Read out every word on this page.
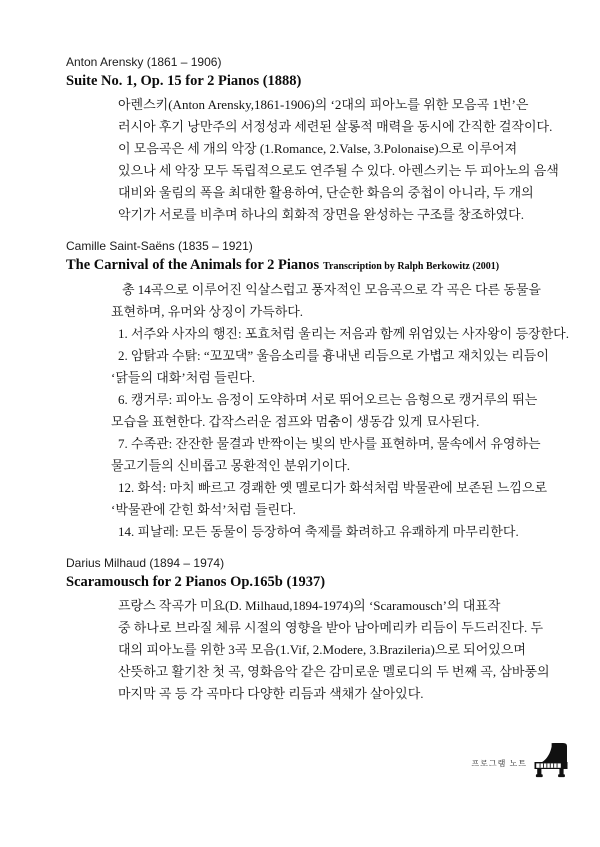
Anton Arensky (1861 – 1906)
Suite No. 1, Op. 15 for 2 Pianos (1888)
아렌스키(Anton Arensky,1861-1906)의 ‘2대의 피아노를 위한 모음곡 1번’은
러시아 후기 낭만주의 서정성과 세련된 살롱적 매력을 동시에 간직한 걸작이다.
이 모음곡은 세 개의 악장 (1.Romance, 2.Valse, 3.Polonaise)으로 이루어져
있으나 세 악장 모두 독립적으로도 연주될 수 있다. 아렌스키는 두 피아노의 음색
대비와 울림의 폭을 최대한 활용하여, 단순한 화음의 중첩이 아니라, 두 개의
악기가 서로를 비추며 하나의 회화적 장면을 완성하는 구조를 창조하였다.
Camille Saint-Saëns (1835 – 1921)
The Carnival of the Animals for 2 Pianos Transcription by Ralph Berkowitz (2001)
총 14곡으로 이루어진 익살스럽고 풍자적인 모음곡으로 각 곡은 다른 동물을
표현하며, 유머와 상징이 가득하다.
1. 서주와 사자의 행진: 포효처럼 울리는 저음과 함께 위엄있는 사자왕이 등장한다.
2. 암탉과 수탉: “꼬꼬댁” 울음소리를 흉내낸 리듬으로 가볍고 재치있는 리듬이
‘닭들의 대화’처럼 들린다.
6. 캥거루: 피아노 음정이 도약하며 서로 뛰어오르는 음형으로 캥거루의 뛰는
모습을 표현한다. 갑작스러운 점프와 멈춤이 생동감 있게 묘사된다.
7. 수족관: 잔잔한 물결과 반짝이는 빛의 반사를 표현하며, 물속에서 유영하는
물고기들의 신비롭고 몽환적인 분위기이다.
12. 화석: 마치 빠르고 경쾌한 옛 멜로디가 화석처럼 박물관에 보존된 느낌으로
‘박물관에 갇힌 화석’처럼 들린다.
14. 피날레: 모든 동물이 등장하여 축제를 화려하고 유쾌하게 마무리한다.
Darius Milhaud (1894 – 1974)
Scaramousch for 2 Pianos Op.165b (1937)
프랑스 작곡가 미요(D. Milhaud,1894-1974)의 ‘Scaramousch’의 대표작
중 하나로 브라질 체류 시절의 영향을 받아 남아메리카 리듬이 두드러진다. 두
대의 피아노를 위한 3곡 모음(1.Vif, 2.Modere, 3.Brazileria)으로 되어있으며
산뜻하고 활기찬 첫 곡, 영화음악 같은 감미로운 멜로디의 두 번째 곡, 삼바풍의
마지막 곡 등 각 곡마다 다양한 리듬과 색채가 살아있다.
프로그램 노트
